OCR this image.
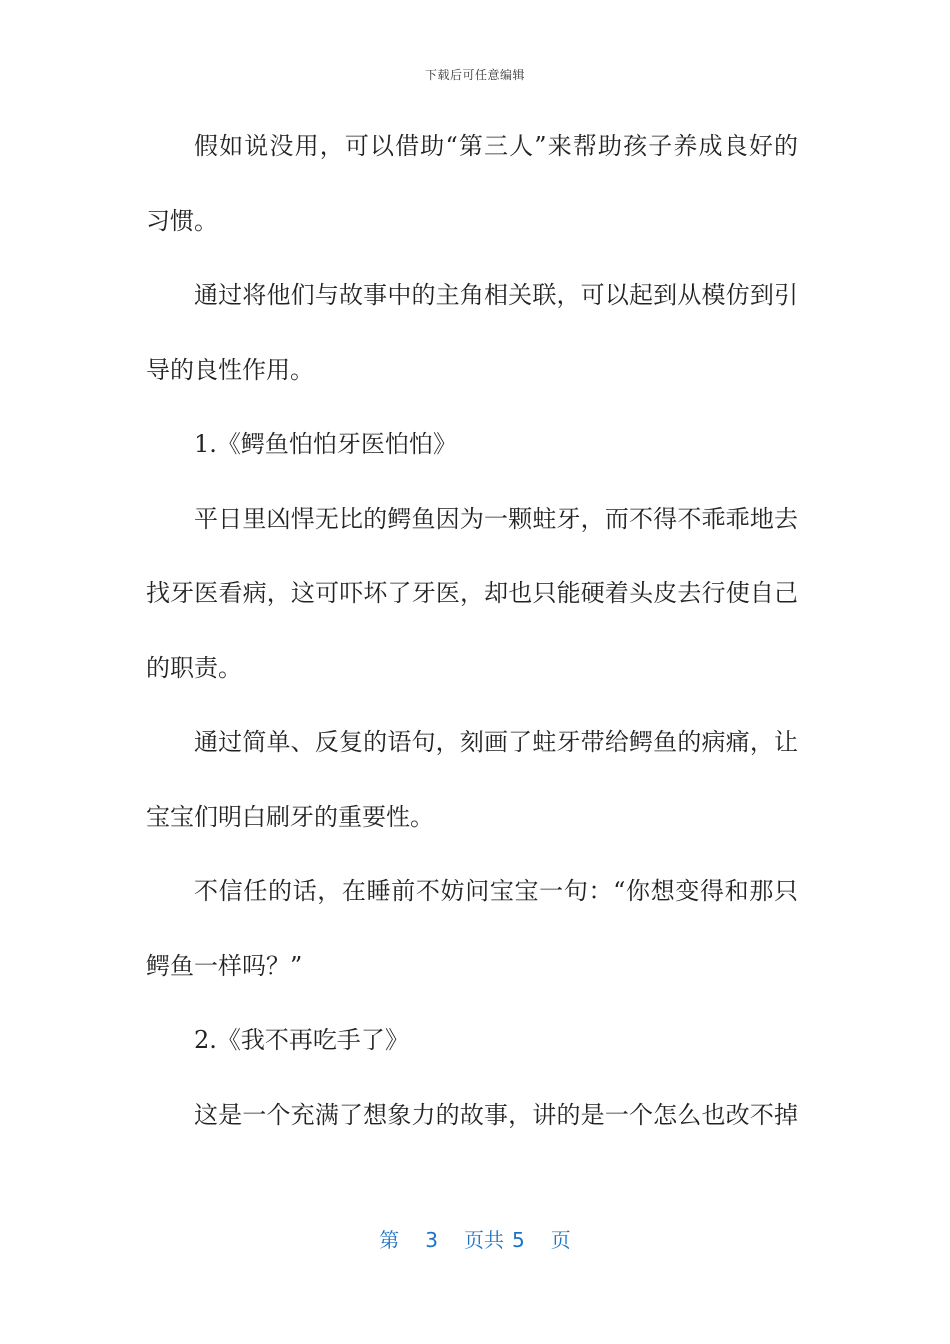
下载后可任意编辑
假如说没用，可以借助“第三人”来帮助孩子养成良好的
习惯。
通过将他们与故事中的主角相关联，可以起到从模仿到引
导的良性作用。
1.《鳄鱼怕怕牙医怕怕》
平日里凶悍无比的鳄鱼因为一颗蛀牙，而不得不乖乖地去
找牙医看病，这可吓坏了牙医，却也只能硬着头皮去行使自己
的职责。
通过简单、反复的语句，刻画了蛀牙带给鳄鱼的病痛，让
宝宝们明白刷牙的重要性。
不信任的话，在睡前不妨问宝宝一句：“你想变得和那只
鳄鱼一样吗？”
2.《我不再吃手了》
这是一个充满了想象力的故事，讲的是一个怎么也改不掉
第 3 页共 5 页
